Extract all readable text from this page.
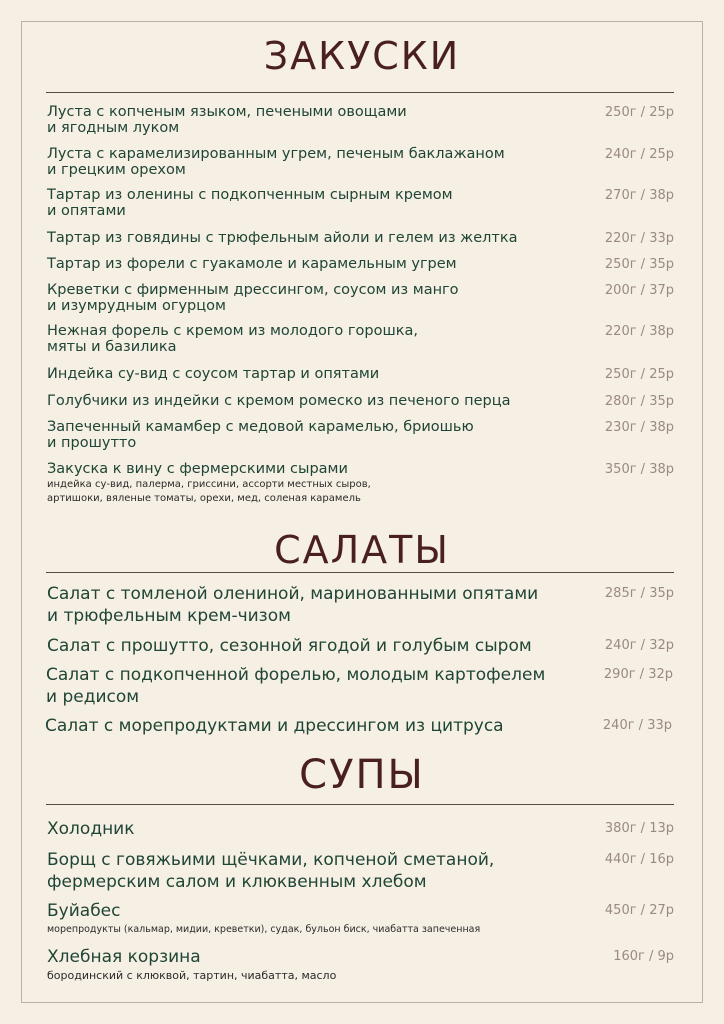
ЗАКУСКИ
Луста с копченым языком, печеными овощами
и ягодным луком
250г / 25р
Луста с карамелизированным угрем, печеным баклажаном
и грецким орехом
240г / 25р
Тартар из оленины с подкопченным сырным кремом
и опятами
270г / 38р
Тартар из говядины с трюфельным айоли и гелем из желтка	220г / 33р
Тартар из форели с гуакамоле и карамельным угрем	250г / 35р
Креветки с фирменным дрессингом, соусом из манго
и изумрудным огурцом
200г / 37р
Нежная форель с кремом из молодого горошка,
мяты и базилика
220г / 38р
Индейка су-вид с соусом тартар и опятами	250г / 25р
Голубчики из индейки с кремом ромеско из печеного перца	280г / 35р
Запеченный камамбер с медовой карамелью, бриошью
и прошутто
230г / 38р
Закуска к вину с фермерскими сырами
индейка су-вид, палерма, гриссини, ассорти местных сыров,
артишоки, вяленые томаты, орехи, мед, соленая карамель
350г / 38р
САЛАТЫ
Салат с томленой олениной, маринованными опятами
и трюфельным крем-чизом
285г / 35р
Салат с прошутто, сезонной ягодой и голубым сыром	240г / 32р
Салат с подкопченной форелью, молодым картофелем
и редисом
290г / 32р
Салат с морепродуктами и дрессингом из цитруса	240г / 33р
СУПЫ
Холодник	380г / 13р
Борщ с говяжьими щёчками, копченой сметаной,
фермерским салом и клюквенным хлебом
440г / 16р
Буйабес
морепродукты (кальмар, мидии, креветки), судак, бульон биск, чиабатта запеченная
450г / 27р
Хлебная корзина
бородинский с клюквой, тартин, чиабатта, масло
160г / 9р
